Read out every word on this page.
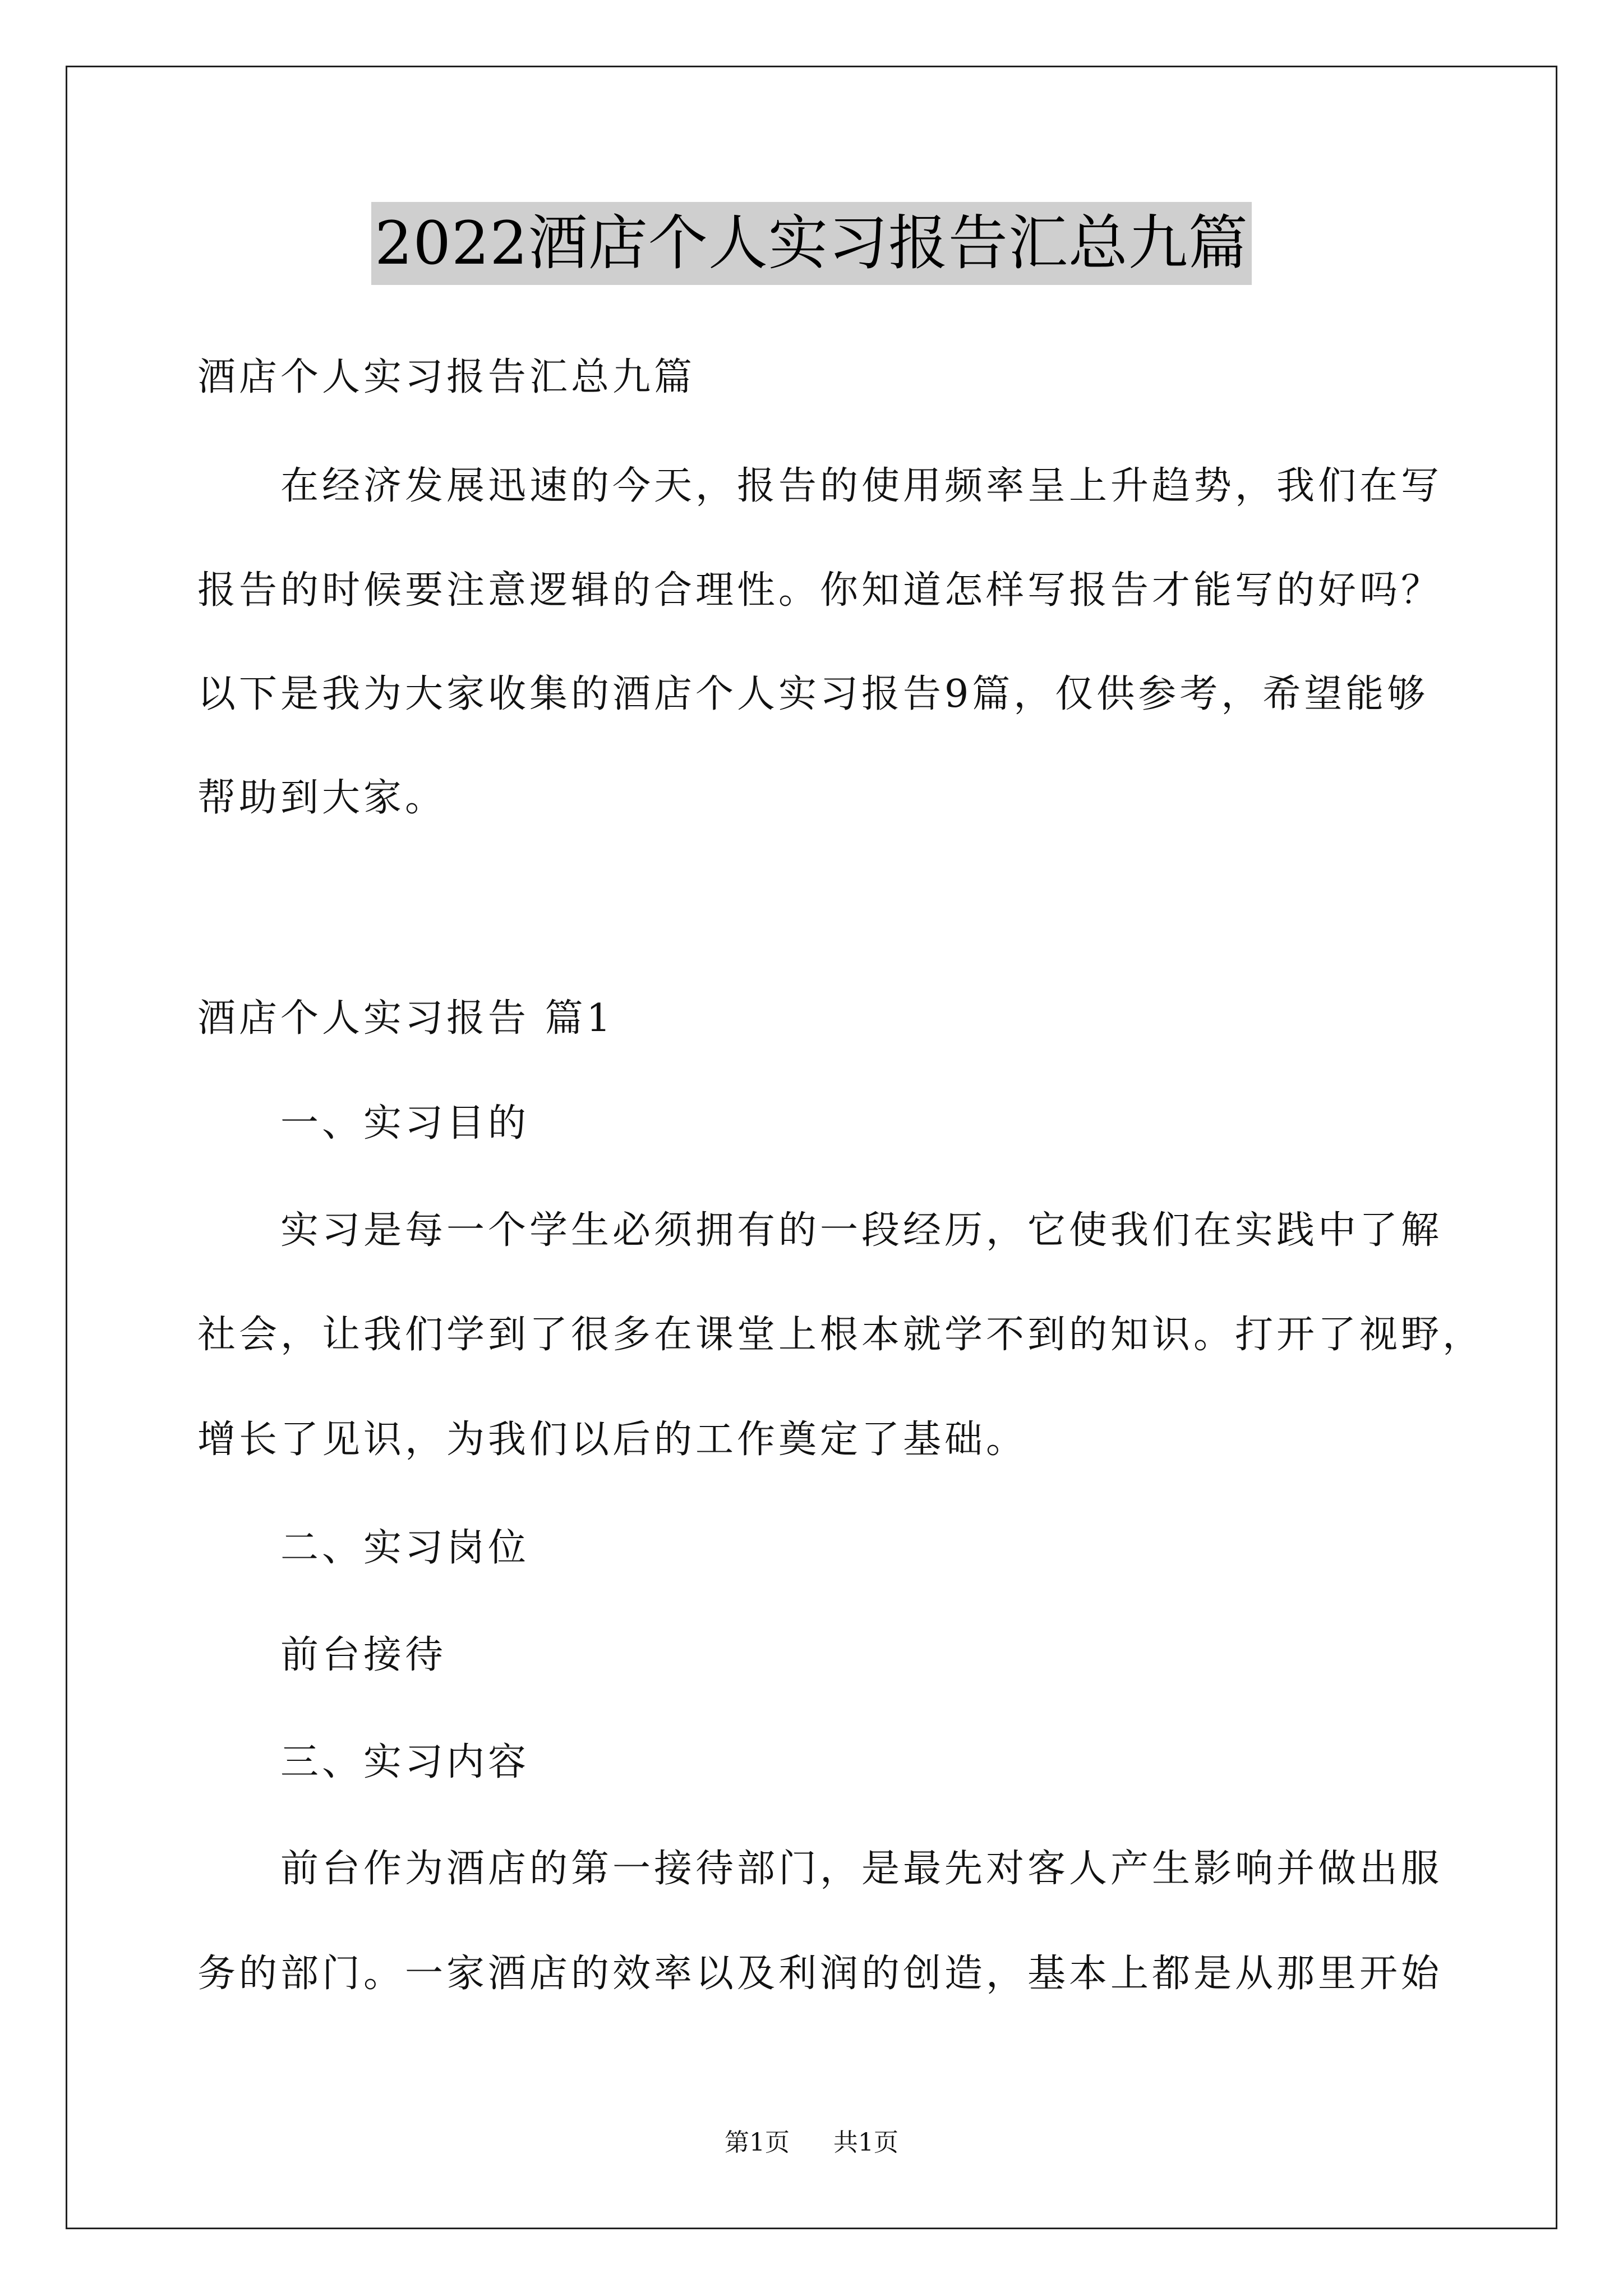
2022酒店个人实习报告汇总九篇
酒店个人实习报告汇总九篇
在经济发展迅速的今天，报告的使用频率呈上升趋势，我们在写
报告的时候要注意逻辑的合理性。你知道怎样写报告才能写的好吗？
以下是我为大家收集的酒店个人实习报告9篇，仅供参考，希望能够
帮助到大家。
酒店个人实习报告 篇1
一、实习目的
实习是每一个学生必须拥有的一段经历，它使我们在实践中了解
社会，让我们学到了很多在课堂上根本就学不到的知识。打开了视野，
增长了见识，为我们以后的工作奠定了基础。
二、实习岗位
前台接待
三、实习内容
前台作为酒店的第一接待部门，是最先对客人产生影响并做出服
务的部门。一家酒店的效率以及利润的创造，基本上都是从那里开始
第1页 共1页
